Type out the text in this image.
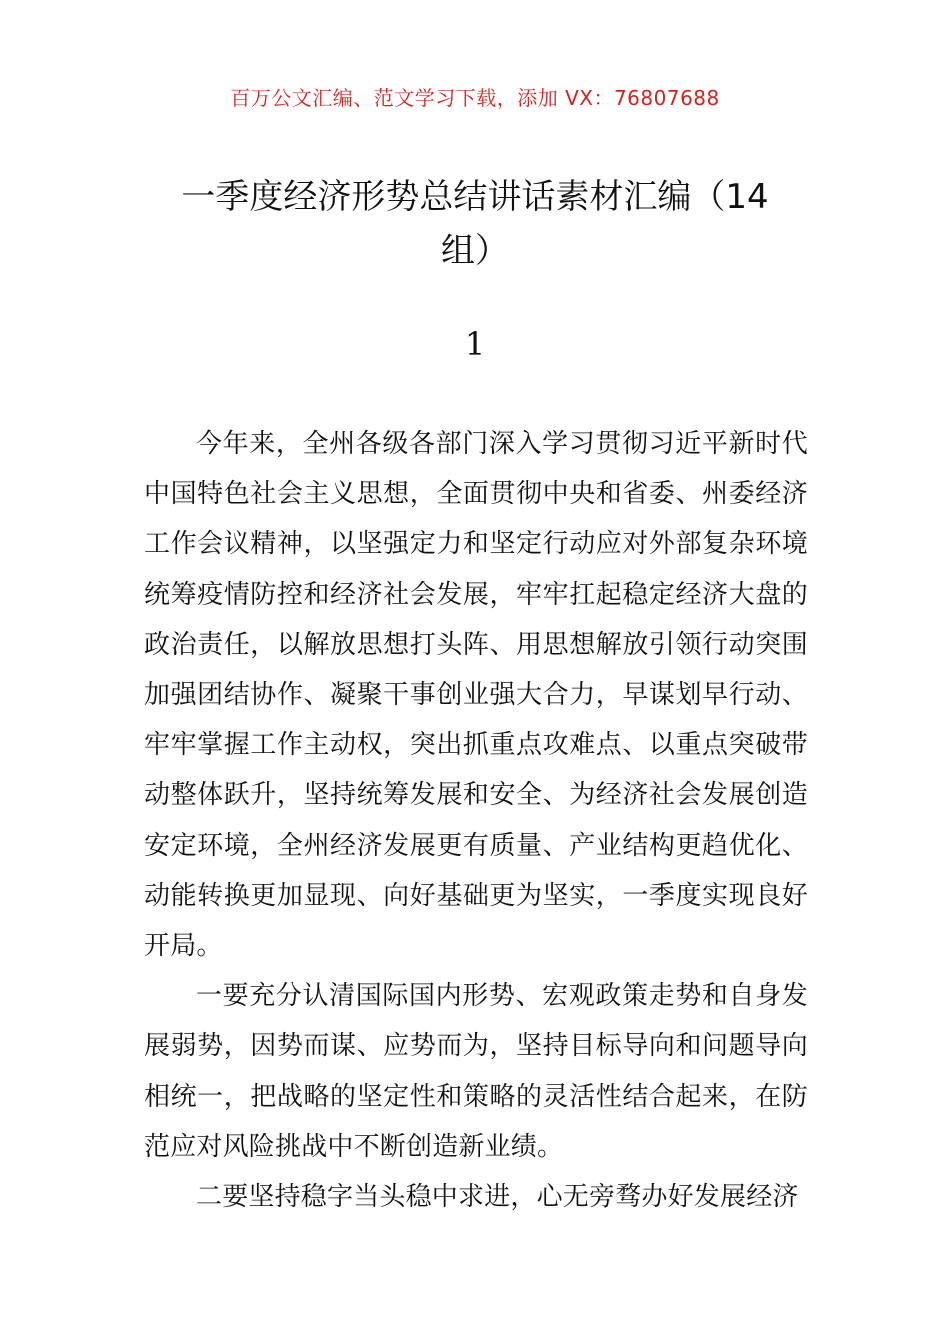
百万公文汇编、范文学习下载，添加 VX：76807688
一季度经济形势总结讲话素材汇编（14组）
1

今年来，全州各级各部门深入学习贯彻习近平新时代中国特色社会主义思想，全面贯彻中央和省委、州委经济工作会议精神，以坚强定力和坚定行动应对外部复杂环境统筹疫情防控和经济社会发展，牢牢扛起稳定经济大盘的政治责任，以解放思想打头阵、用思想解放引领行动突围加强团结协作、凝聚干事创业强大合力，早谋划早行动、牢牢掌握工作主动权，突出抓重点攻难点、以重点突破带动整体跃升，坚持统筹发展和安全、为经济社会发展创造安定环境，全州经济发展更有质量、产业结构更趋优化、动能转换更加显现、向好基础更为坚实，一季度实现良好开局。

一要充分认清国际国内形势、宏观政策走势和自身发展弱势，因势而谋、应势而为，坚持目标导向和问题导向相统一，把战略的坚定性和策略的灵活性结合起来，在防范应对风险挑战中不断创造新业绩。

二要坚持稳字当头稳中求进，心无旁骛办好发展经济
